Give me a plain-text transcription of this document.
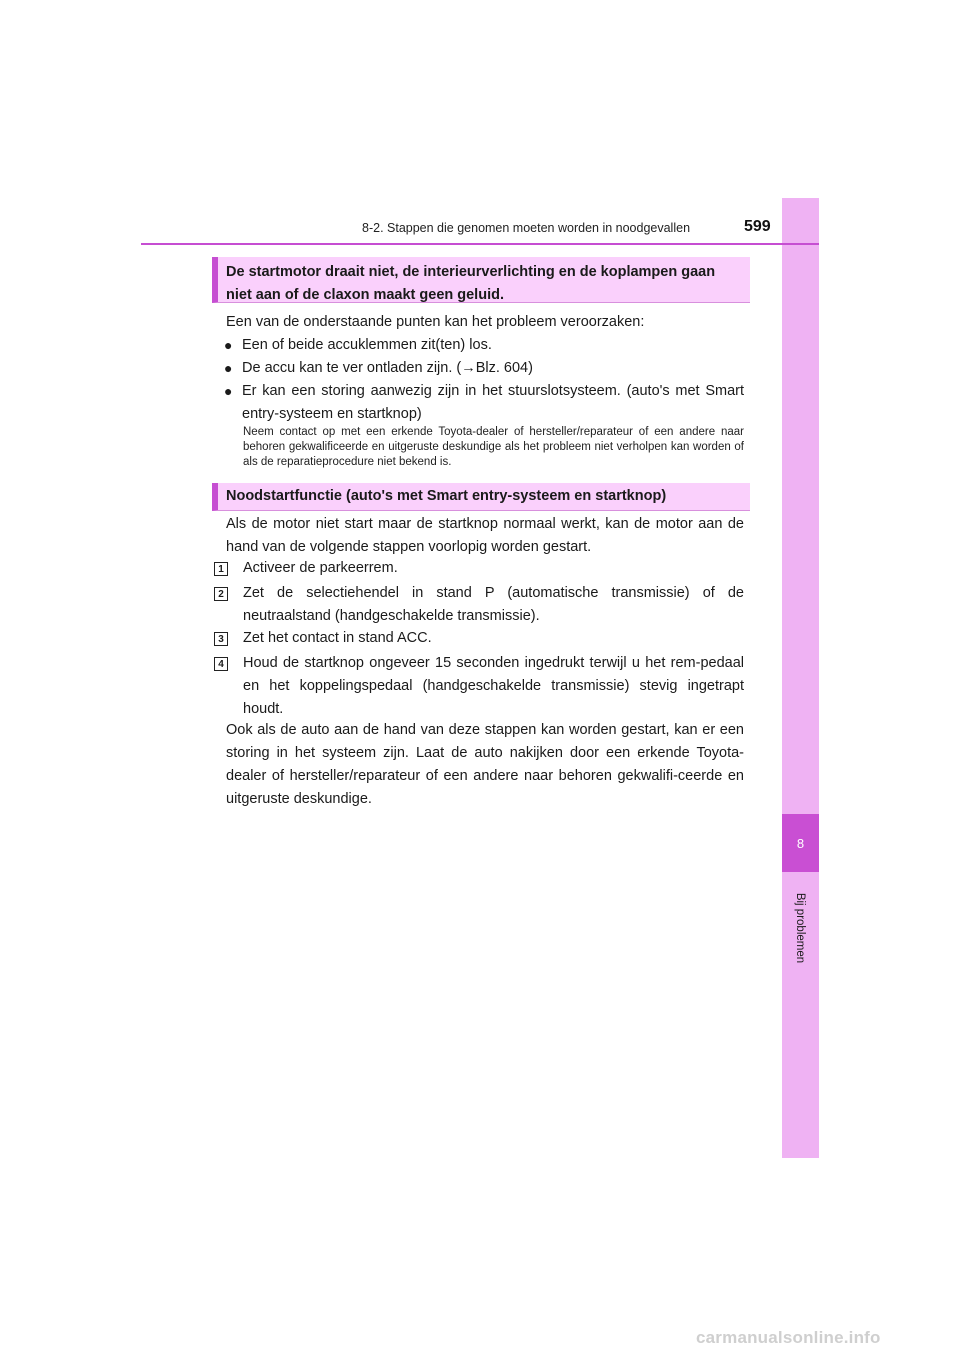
8
Bij problemen
8-2. Stappen die genomen moeten worden in noodgevallen	599
De startmotor draait niet, de interieurverlichting en de koplampen gaan
niet aan of de claxon maakt geen geluid.
Een van de onderstaande punten kan het probleem veroorzaken:
● Een of beide accuklemmen zit(ten) los.
● De accu kan te ver ontladen zijn. (→Blz. 604)
● Er kan een storing aanwezig zijn in het stuurslotsysteem. (auto's met Smart entry-systeem en startknop)
Neem contact op met een erkende Toyota-dealer of hersteller/reparateur of een andere naar behoren gekwalificeerde en uitgeruste deskundige als het probleem niet verholpen kan worden of als de reparatieprocedure niet bekend is.
Noodstartfunctie (auto's met Smart entry-systeem en startknop)
Als de motor niet start maar de startknop normaal werkt, kan de motor aan de hand van de volgende stappen voorlopig worden gestart.
1 Activeer de parkeerrem.
2 Zet de selectiehendel in stand P (automatische transmissie) of de neutraalstand (handgeschakelde transmissie).
3 Zet het contact in stand ACC.
4 Houd de startknop ongeveer 15 seconden ingedrukt terwijl u het rem-pedaal en het koppelingspedaal (handgeschakelde transmissie) stevig ingetrapt houdt.
Ook als de auto aan de hand van deze stappen kan worden gestart, kan er een storing in het systeem zijn. Laat de auto nakijken door een erkende Toyota-dealer of hersteller/reparateur of een andere naar behoren gekwalifi-ceerde en uitgeruste deskundige.
carmanualsonline.info
